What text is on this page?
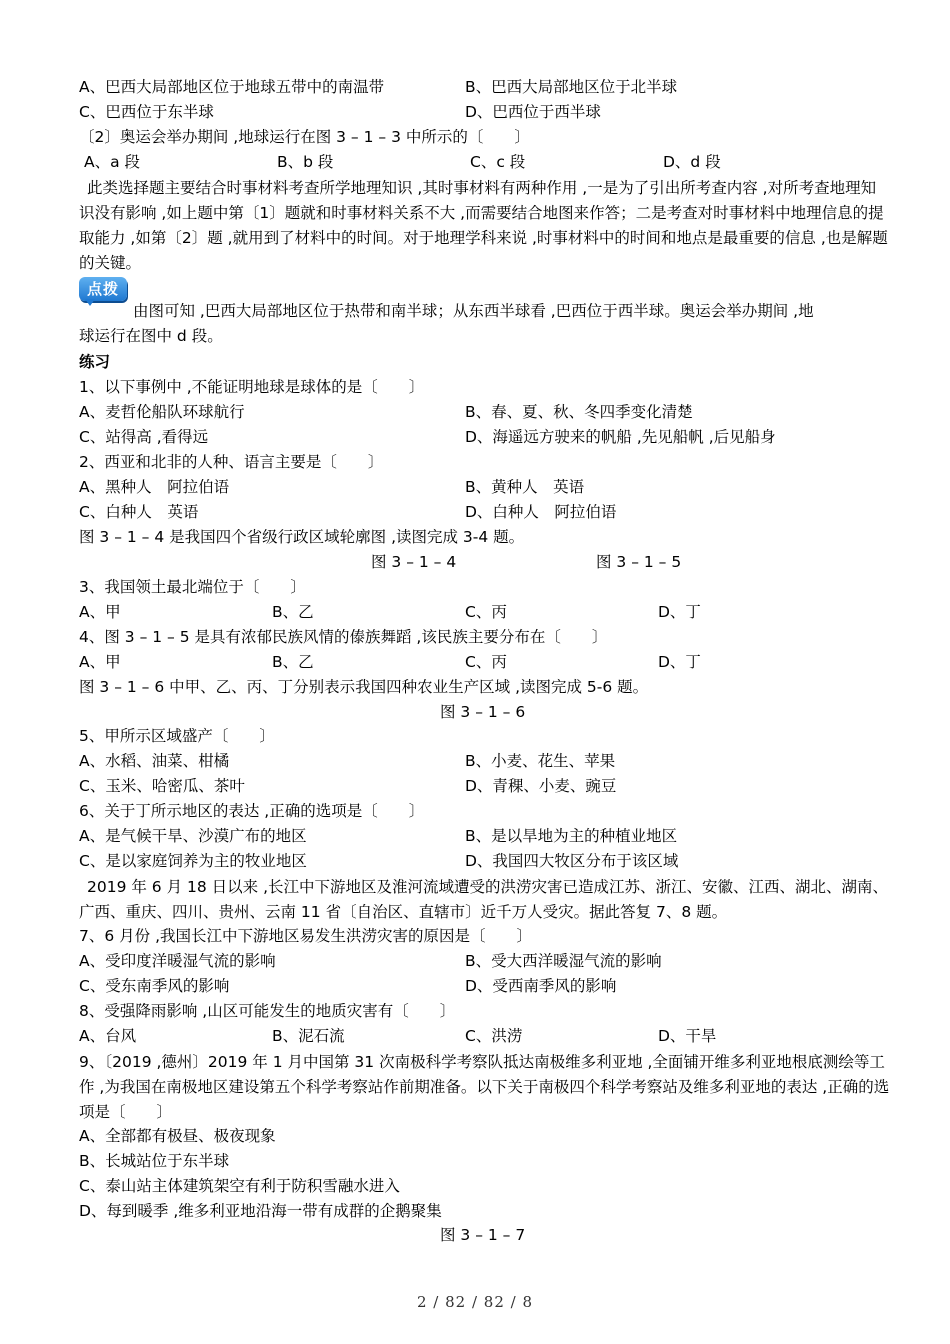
A、巴西大局部地区位于地球五带中的南温带	B、巴西大局部地区位于北半球
C、巴西位于东半球	D、巴西位于西半球
〔2〕奥运会举办期间 ,地球运行在图 3 – 1 – 3 中所示的〔　　〕
A、a 段	B、b 段	C、c 段	D、d 段
此类选择题主要结合时事材料考查所学地理知识 ,其时事材料有两种作用 ,一是为了引出所考查内容 ,对所考查地理知识没有影响 ,如上题中第〔1〕题就和时事材料关系不大 ,而需要结合地图来作答；二是考查对时事材料中地理信息的提取能力 ,如第〔2〕题 ,就用到了材料中的时间。对于地理学科来说 ,时事材料中的时间和地点是最重要的信息 ,也是解题的关键。
点拨
由图可知 ,巴西大局部地区位于热带和南半球；从东西半球看 ,巴西位于西半球。奥运会举办期间 ,地
球运行在图中 d 段。
练习
1、以下事例中 ,不能证明地球是球体的是〔　　〕
A、麦哲伦船队环球航行	B、春、夏、秋、冬四季变化清楚
C、站得高 ,看得远	D、海遥远方驶来的帆船 ,先见船帆 ,后见船身
2、西亚和北非的人种、语言主要是〔　　〕
A、黑种人　阿拉伯语	B、黄种人　英语
C、白种人　英语	D、白种人　阿拉伯语
图 3 – 1 – 4 是我国四个省级行政区域轮廓图 ,读图完成 3-4 题。
图 3 – 1 – 4	图 3 – 1 – 5
3、我国领土最北端位于〔　　〕
A、甲	B、乙	C、丙	D、丁
4、图 3 – 1 – 5 是具有浓郁民族风情的傣族舞蹈 ,该民族主要分布在〔　　〕
A、甲	B、乙	C、丙	D、丁
图 3 – 1 – 6 中甲、乙、丙、丁分别表示我国四种农业生产区域 ,读图完成 5-6 题。
图 3 – 1 – 6
5、甲所示区域盛产〔　　〕
A、水稻、油菜、柑橘	B、小麦、花生、苹果
C、玉米、哈密瓜、茶叶	D、青稞、小麦、豌豆
6、关于丁所示地区的表达 ,正确的选项是〔　　〕
A、是气候干旱、沙漠广布的地区	B、是以旱地为主的种植业地区
C、是以家庭饲养为主的牧业地区	D、我国四大牧区分布于该区域
2019 年 6 月 18 日以来 ,长江中下游地区及淮河流域遭受的洪涝灾害已造成江苏、浙江、安徽、江西、湖北、湖南、广西、重庆、四川、贵州、云南 11 省〔自治区、直辖市〕近千万人受灾。据此答复 7、8 题。
7、6 月份 ,我国长江中下游地区易发生洪涝灾害的原因是〔　　〕
A、受印度洋暖湿气流的影响	B、受大西洋暖湿气流的影响
C、受东南季风的影响	D、受西南季风的影响
8、受强降雨影响 ,山区可能发生的地质灾害有〔　　〕
A、台风	B、泥石流	C、洪涝	D、干旱
9、〔2019 ,德州〕2019 年 1 月中国第 31 次南极科学考察队抵达南极维多利亚地 ,全面铺开维多利亚地根底测绘等工作 ,为我国在南极地区建设第五个科学考察站作前期准备。以下关于南极四个科学考察站及维多利亚地的表达 ,正确的选项是〔　　〕
A、全部都有极昼、极夜现象
B、长城站位于东半球
C、泰山站主体建筑架空有利于防积雪融水进入
D、每到暖季 ,维多利亚地沿海一带有成群的企鹅聚集
图 3 – 1 – 7
2 / 82 / 82 / 8
